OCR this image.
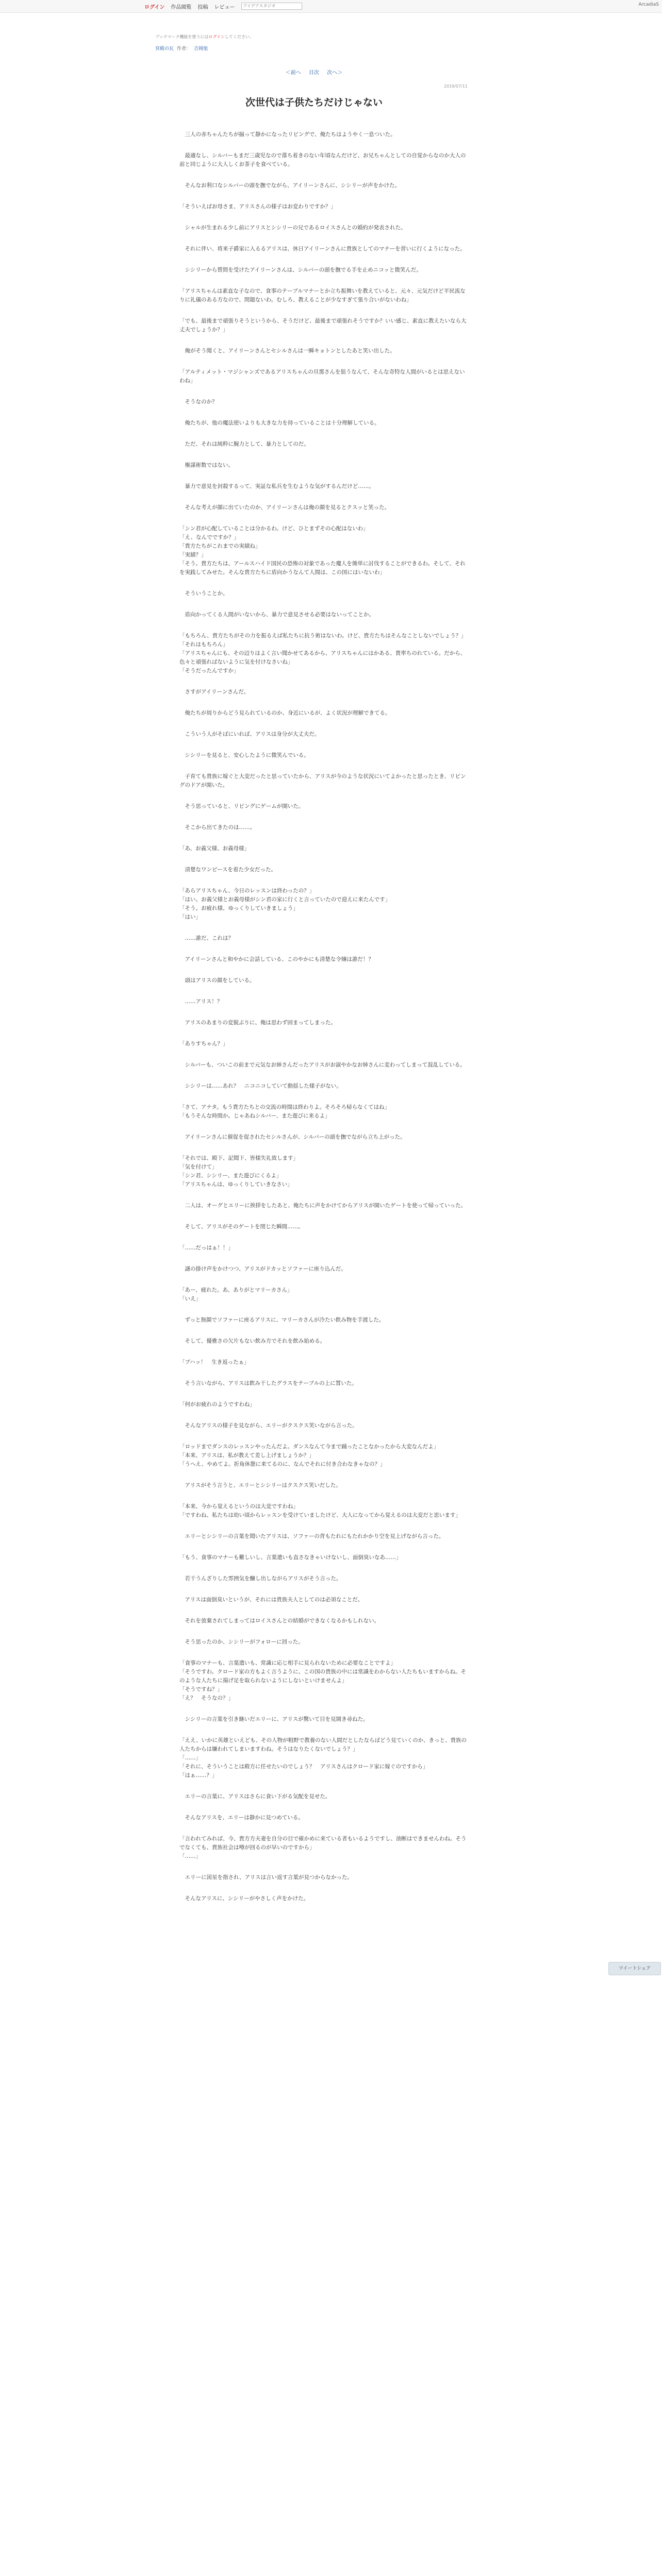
ログイン 作品閲覧 投稿 レビュー
アイデアスタジオ	ArcadiaS
ブックマーク機能を使うにはログインしてください。
宮殿の瓦 作者： 吉岡旭
＜前へ 目次 次へ＞
2019/07/11
次世代は子供たちだけじゃない

　三人の赤ちゃんたちが揃って静かになったリビングで、俺たちはようやく一息ついた。

　最適なし、シルバーもまだ三歳児なので落ち着きのない年頃なんだけど、お兄ちゃんとしての自覚からなのか大人の前と同じように大人しくお茶子を食べている。

　そんなお利口なシルバーの頭を撫でながら、アイリーンさんに、シシリーが声をかけた。

「そういえばお母さま、アリスさんの様子はお変わりですか？」

　シャルが生まれる少し前にアリスとシシリーの兄であるロイスさんとの婚約が発表された。

　それに伴い、将来子爵家に入るるアリスは、休日アイリーンさんに貴族としてのマナーを習いに行くようになった。

　シシリーから質問を受けたアイリーンさんは、シルバーの頭を撫でる手を止めニコッと微笑んだ。

「アリスちゃんは素直な子なので、食事のテーブルマナーとか立ち振舞いを教えていると、元々、元気だけど平民流なりに礼儀のある方なので、問題ないわ。むしろ、教えることが少なすぎて張り合いがないわね」

「でも、最後まで頑張りそうというから、そうだけど、最後まで頑張れそうですか？いい感じ、素直に教えたいなら大丈夫でしょうか？」

　俺がそう聞くと、アイリーンさんとセシルさんは一瞬キョトンとしたあと笑い出した。

「アルティメット・マジシャンズであるアリスちゃんの旦那さんを狙うなんて、そんな奇特な人間がいるとは思えないわね」

　そうなのか？

　俺たちが、他の魔法使いよりも大きな力を持っていることは十分理解している。

　ただ、それは純粋に腕力として、暴力としてのだ。

　権謀術数ではない。

　暴力で意見を封殺するって、実証な私兵を生むような気がするんだけど……。

　そんな考えが顔に出ていたのか、アイリーンさんは俺の顔を見るとクスッと笑った。

「シン君が心配していることは分かるわ。けど、ひとまずその心配はないわ」
「え、なんでですか？」
「貴方たちがこれまでの実績ね」
「実績？」
「そう。貴方たちは、アールスハイド国民の恐怖の対象であった魔人を簡単に討伐することができるわ。そして、それを実践してみせた。そんな貴方たちに盾向かうなんて人間は、この国にはいないわ」

　そういうことか。

　盾向かってくる人間がいないから、暴力で意見させる必要はないってことか。

「もちろん、貴方たちがその力を振るえば私たちに抗う術はないわ。けど、貴方たちはそんなことしないでしょう？」
「それはもちろん」
「アリスちゃんにも、その辺りはよく言い聞かせてあるから、アリスちゃんにはかある、貴率ちのれている。だから、色々と頑張ればないように気を付けなさいね」
「そうだったんですか」

　さすがアイリーンさんだ。

　俺たちが周りからどう見られているのか、身近にいるが、よく状況が理解できてる。

　こういう人がそばにいれば、アリスは身分が大丈夫だ。

　シシリーを見ると、安心したように微笑んでいる。

　子育ても貴族に嫁ぐと大変だったと思っていたから、アリスが今のような状況にいてよかったと思ったとき、リビングのドアが開いた。

　そう思っていると、リビングにゲームが開いた。

　そこから出てきたのは……。

「あ、お義父様、お義母様」

　清楚なワンピースを着た少女だった。

「あらアリスちゃん、今日のレッスンは終わったの？」
「はい。お義父様とお義母様がシン君の家に行くと言っていたので迎えに来たんです」
「そう。お疲れ様、ゆっくりしていきましょう」
「はい」

　……誰だ、これは？

　アイリーンさんと和やかに会話している、このやかにも清楚な令嬢は誰だ！？

　頭はアリスの顔をしている。

　……アリス！？

　アリスのあまりの変貌ぶりに、俺は思わず固まってしまった。

「ありすちゃん？」

　シルバーも、ついこの前まで元気なお姉さんだったアリスがお淑やかなお姉さんに変わってしまって混乱している。

　シシリーは……あれ？　ニコニコしていて動揺した様子がない。

「さて、アナタ。もう貴方たちとの交流の時間は終わりよ。そろそろ帰らなくてはね」
「もうそんな時間か。じゃあねシルバー、また遊びに来るよ」

　アイリーンさんに催促を促されたセシルさんが、シルバーの頭を撫でながら立ち上がった。

「それでは、殿下、記聞下、皆様失礼致します」
「気を付けて」
「シン君、シシリー、また遊びにくるよ」
「アリスちゃんは、ゆっくりしていきなさい」

　二人は、オーグとエリーに挨拶をしたあと、俺たちに声をかけてからアリスが開いたゲートを使って帰っていった。

　そして、アリスがそのゲートを閉じた瞬間……。

「……だっはぁ！！」

　謎の掛け声をかけつつ、アリスがドカッとソファーに座り込んだ。

「あー、疲れた。あ、ありがとマリーカさん」
「いえ」

　ずっと無顔でソファーに座るアリスに、マリーカさんが冷たい飲み物を手渡した。

　そして、優雅さの欠片もない飲み方でそれを飲み始める。

「プハッ！　生き返ったぁ」

　そう言いながら、アリスは飲み干したグラスをテーブルの上に置いた。

「何がお疲れのようですわね」

　そんなアリスの様子を見ながら、エリーがクスクス笑いながら言った。

「ロッドまでダンスのレッスンやったんだよ。ダンスなんて今まで踊ったことなかったから大変なんだよ」
「本来、アリスは、私が教えて差し上げましょうか？」
「うへえ、やめてよ。折角休憩に来てるのに、なんでそれに付き合わなきゃなの？」

　アリスがそう言うと、エリーとシシリーはクスクス笑いだした。

「本来、今から覚えるというのは大変ですわね」
「ですわね、私たちは幼い頃からレッスンを受けていましたけど、大人になってから覚えるのは大変だと思います」

　エリーとシシリーの言葉を聞いたアリスは、ソファーの背もたれにもたれかかり空を見上げながら言った。

「もう、食事のマナーも難しいし、言葉遣いも直さなきゃいけないし、面倒臭いなあ……」

　若干うんざりした雰囲気を醸し出しながらアリスがそう言った。

　アリスは面倒臭いというが、それには貴族夫人としてのは必須なことだ。

　それを放棄されてしまってはロイスさんとの結婚ができなくなるかもしれない。

　そう思ったのか、シシリーがフォローに回った。

「食事のマナーも、言葉遣いも、常識に応じ相手に見られないために必要なことですよ」
「そうですわ。クロード家の方もよく言うように、この国の貴族の中には常識をわからない人たちもいますからね。そのような人たちに揚げ足を取られないようにしないといけませんよ」
「そうですね？」
「え？　そうなの？」

　シシリーの言葉を引き継いだエリーに、アリスが驚いて目を見開き尋ねた。

「ええ、いかに英雄といえども、その人物が粗野で教養のない人間だとしたならばどう見ていくのか、きっと、貴族の人たちからは嫌われてしまいますわね。そうはなりたくないでしょう？」
「……」
「それに、そういうことは殿方に任せたいのでしょう？　アリスさんはクロード家に嫁ぐのですから」
「はぁ……？」

　エリーの言葉に、アリスはさらに食い下がる気配を見せた。

　そんなアリスを、エリーは静かに見つめている。

「言われてみれば、今、貴方方夫妻を自分の目で確かめに来ている者もいるようですし、油断はできませんわね。そうでなくても、貴族社会は噂が回るのが早いのですから」
「……」

　エリーに図星を指され、アリスは言い返す言葉が見つからなかった。

　そんなアリスに、シシリーがやさしく声をかけた。

ツイートシェア
